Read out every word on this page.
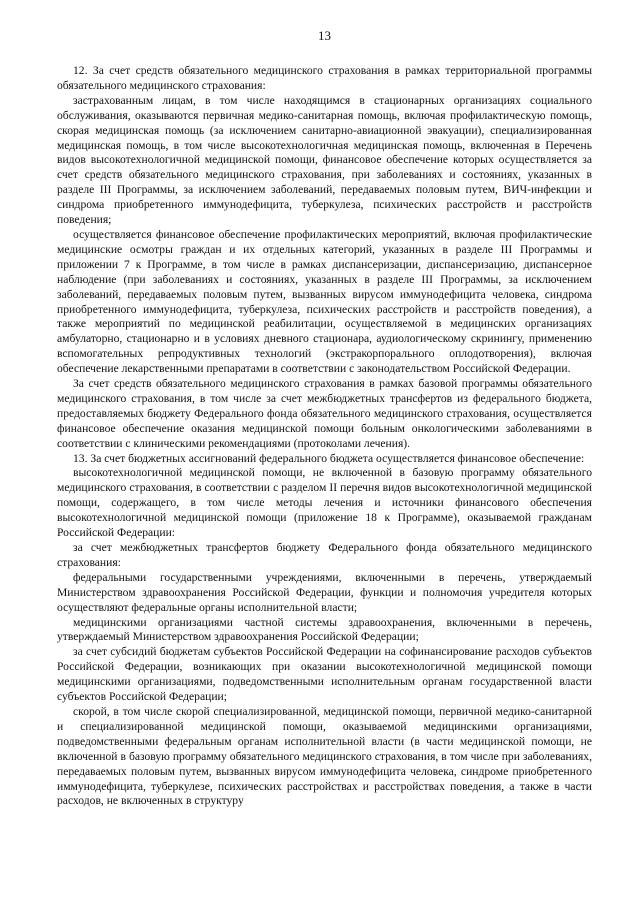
13

12. За счет средств обязательного медицинского страхования в рамках территориальной программы обязательного медицинского страхования:

застрахованным лицам, в том числе находящимся в стационарных организациях социального обслуживания, оказываются первичная медико-санитарная помощь, включая профилактическую помощь, скорая медицинская помощь (за исключением санитарно-авиационной эвакуации), специализированная медицинская помощь, в том числе высокотехнологичная медицинская помощь, включенная в Перечень видов высокотехнологичной медицинской помощи, финансовое обеспечение которых осуществляется за счет средств обязательного медицинского страхования, при заболеваниях и состояниях, указанных в разделе III Программы, за исключением заболеваний, передаваемых половым путем, ВИЧ-инфекции и синдрома приобретенного иммунодефицита, туберкулеза, психических расстройств и расстройств поведения;

осуществляется финансовое обеспечение профилактических мероприятий, включая профилактические медицинские осмотры граждан и их отдельных категорий, указанных в разделе III Программы и приложении 7 к Программе, в том числе в рамках диспансеризации, диспансеризацию, диспансерное наблюдение (при заболеваниях и состояниях, указанных в разделе III Программы, за исключением заболеваний, передаваемых половым путем, вызванных вирусом иммунодефицита человека, синдрома приобретенного иммунодефицита, туберкулеза, психических расстройств и расстройств поведения), а также мероприятий по медицинской реабилитации, осуществляемой в медицинских организациях амбулаторно, стационарно и в условиях дневного стационара, аудиологическому скринингу, применению вспомогательных репродуктивных технологий (экстракорпорального оплодотворения), включая обеспечение лекарственными препаратами в соответствии с законодательством Российской Федерации.

За счет средств обязательного медицинского страхования в рамках базовой программы обязательного медицинского страхования, в том числе за счет межбюджетных трансфертов из федерального бюджета, предоставляемых бюджету Федерального фонда обязательного медицинского страхования, осуществляется финансовое обеспечение оказания медицинской помощи больным онкологическими заболеваниями в соответствии с клиническими рекомендациями (протоколами лечения).

13. За счет бюджетных ассигнований федерального бюджета осуществляется финансовое обеспечение:

высокотехнологичной медицинской помощи, не включенной в базовую программу обязательного медицинского страхования, в соответствии с разделом II перечня видов высокотехнологичной медицинской помощи, содержащего, в том числе методы лечения и источники финансового обеспечения высокотехнологичной медицинской помощи (приложение 18 к Программе), оказываемой гражданам Российской Федерации:

за счет межбюджетных трансфертов бюджету Федерального фонда обязательного медицинского страхования:

федеральными государственными учреждениями, включенными в перечень, утверждаемый Министерством здравоохранения Российской Федерации, функции и полномочия учредителя которых осуществляют федеральные органы исполнительной власти;

медицинскими организациями частной системы здравоохранения, включенными в перечень, утверждаемый Министерством здравоохранения Российской Федерации;

за счет субсидий бюджетам субъектов Российской Федерации на софинансирование расходов субъектов Российской Федерации, возникающих при оказании высокотехнологичной медицинской помощи медицинскими организациями, подведомственными исполнительным органам государственной власти субъектов Российской Федерации;

скорой, в том числе скорой специализированной, медицинской помощи, первичной медико-санитарной и специализированной медицинской помощи, оказываемой медицинскими организациями, подведомственными федеральным органам исполнительной власти (в части медицинской помощи, не включенной в базовую программу обязательного медицинского страхования, в том числе при заболеваниях, передаваемых половым путем, вызванных вирусом иммунодефицита человека, синдроме приобретенного иммунодефицита, туберкулезе, психических расстройствах и расстройствах поведения, а также в части расходов, не включенных в структуру
